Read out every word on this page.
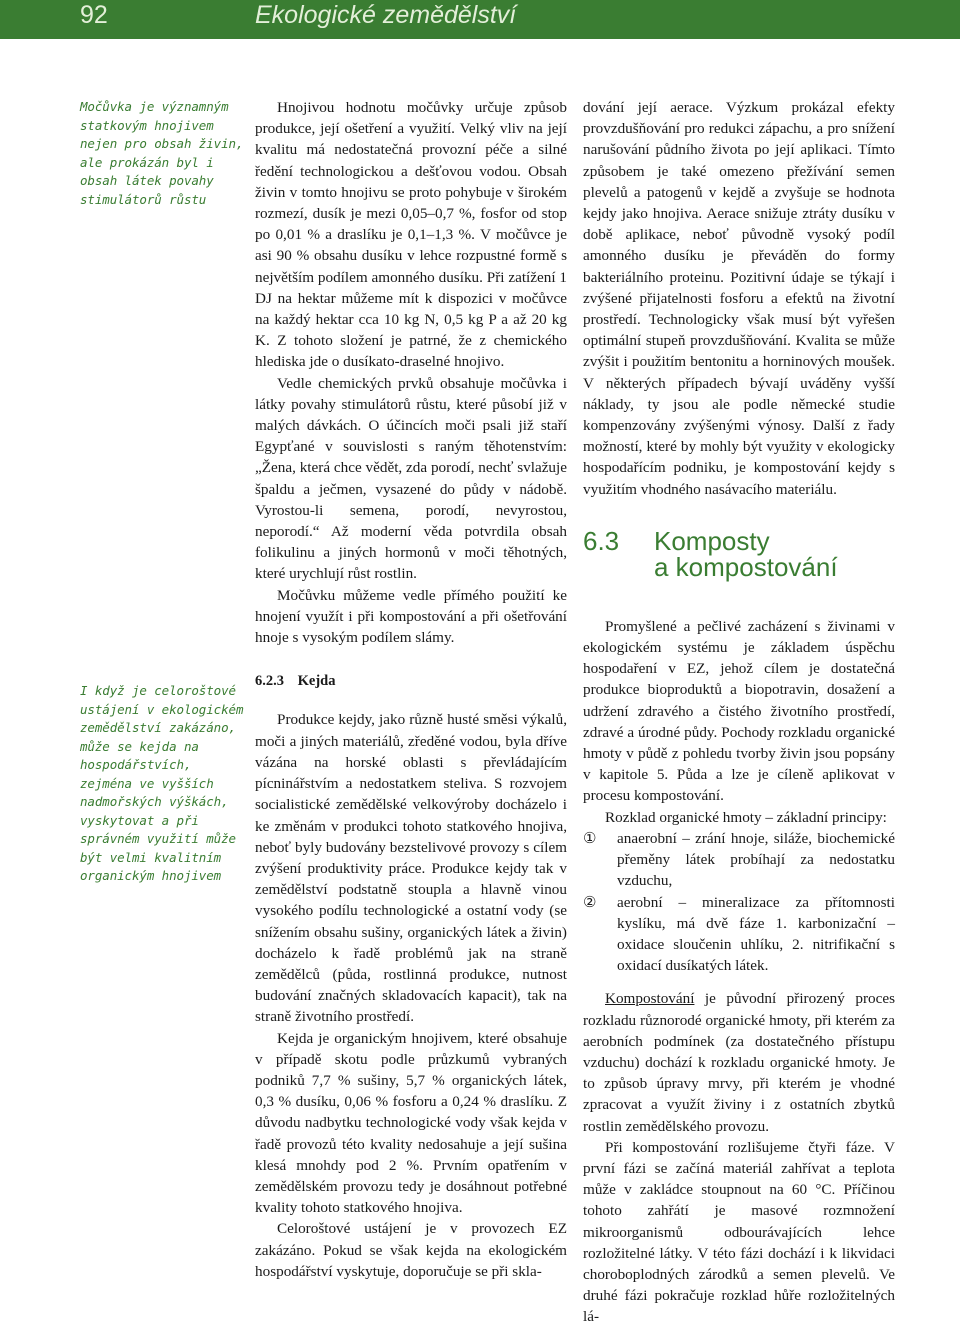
92	Ekologické zemědělství
Močůvka je významným statkovým hnojivem nejen pro obsah živin, ale prokázán byl i obsah látek povahy stimulátorů růstu
I když je celoroštové ustájení v ekologickém zemědělství zakázáno, může se kejda na hospodářstvích, zejména ve vyšších nadmořských výškách, vyskytovat a při správném využití může být velmi kvalitním organickým hnojivem

Hnojivou hodnotu močůvky určuje způsob produkce, její ošetření a využití. Velký vliv na její kvalitu má nedostatečná provozní péče a silné ředění technologickou a dešťovou vodou. Obsah živin v tomto hnojivu se proto pohybuje v širokém rozmezí, dusík je mezi 0,05–0,7 %, fosfor od stop po 0,01 % a draslíku je 0,1–1,3 %. V močůvce je asi 90 % obsahu dusíku v lehce rozpustné formě s největším podílem amonného dusíku. Při zatížení 1 DJ na hektar můžeme mít k dispozici v močůvce na každý hektar cca 10 kg N, 0,5 kg P a až 20 kg K. Z tohoto složení je patrné, že z chemického hlediska jde o dusíkato-draselné hnojivo.

Vedle chemických prvků obsahuje močůvka i látky povahy stimulátorů růstu, které působí již v malých dávkách. O účincích moči psali již staří Egypťané v souvislosti s raným těhotenstvím: „Žena, která chce vědět, zda porodí, nechť svlažuje špaldu a ječmen, vysazené do půdy v nádobě. Vyrostou-li semena, porodí, nevyrostou, neporodí.“ Až moderní věda potvrdila obsah folikulinu a jiných hormonů v moči těhotných, které urychlují růst rostlin.

Močůvku můžeme vedle přímého použití ke hnojení využít i při kompostování a při ošetřování hnoje s vysokým podílem slámy.

6.2.3 Kejda

Produkce kejdy, jako různě husté směsi výkalů, moči a jiných materiálů, zředěné vodou, byla dříve vázána na horské oblasti s převládajícím pícninářstvím a nedostatkem steliva. S rozvojem socialistické zemědělské velkovýroby docházelo i ke změnám v produkci tohoto statkového hnojiva, neboť byly budovány bezstelivové provozy s cílem zvýšení produktivity práce. Produkce kejdy tak v zemědělství podstatně stoupla a hlavně vinou vysokého podílu technologické a ostatní vody (se snížením obsahu sušiny, organických látek a živin) docházelo k řadě problémů jak na straně zemědělců (půda, rostlinná produkce, nutnost budování značných skladovacích kapacit), tak na straně životního prostředí.

Kejda je organickým hnojivem, které obsahuje v případě skotu podle průzkumů vybraných podniků 7,7 % sušiny, 5,7 % organických látek, 0,3 % dusíku, 0,06 % fosforu a 0,24 % draslíku. Z důvodu nadbytku technologické vody však kejda v řadě provozů této kvality nedosahuje a její sušina klesá mnohdy pod 2 %. Prvním opatřením v zemědělském provozu tedy je dosáhnout potřebné kvality tohoto statkového hnojiva.

Celoroštové ustájení je v provozech EZ zakázáno. Pokud se však kejda na ekologickém hospodářství vyskytuje, doporučuje se při skla-

dování její aerace. Výzkum prokázal efekty provzdušňování pro redukci zápachu, a pro snížení narušování půdního života po její aplikaci. Tímto způsobem je také omezeno přežívání semen plevelů a patogenů v kejdě a zvyšuje se hodnota kejdy jako hnojiva. Aerace snižuje ztráty dusíku v době aplikace, neboť původně vysoký podíl amonného dusíku je převáděn do formy bakteriálního proteinu. Pozitivní údaje se týkají i zvýšené přijatelnosti fosforu a efektů na životní prostředí. Technologicky však musí být vyřešen optimální stupeň provzdušňování. Kvalita se může zvýšit i použitím bentonitu a horninových moušek. V některých případech bývají uváděny vyšší náklady, ty jsou ale podle německé studie kompenzovány zvýšenými výnosy. Další z řady možností, které by mohly být využity v ekologicky hospodařícím podniku, je kompostování kejdy s využitím vhodného nasávacího materiálu.

6.3 Komposty
a kompostování

Promyšlené a pečlivé zacházení s živinami v ekologickém systému je základem úspěchu hospodaření v EZ, jehož cílem je dostatečná produkce bioproduktů a biopotravin, dosažení a udržení zdravého a čistého životního prostředí, zdravé a úrodné půdy. Pochody rozkladu organické hmoty v půdě z pohledu tvorby živin jsou popsány v kapitole 5. Půda a lze je cíleně aplikovat v procesu kompostování.

Rozklad organické hmoty – základní principy:

① anaerobní – zrání hnoje, siláže, biochemické přeměny látek probíhají za nedostatku vzduchu,
② aerobní – mineralizace za přítomnosti kyslíku, má dvě fáze 1. karbonizační – oxidace sloučenin uhlíku, 2. nitrifikační s oxidací dusíkatých látek.

Kompostování je původní přirozený proces rozkladu různorodé organické hmoty, při kterém za aerobních podmínek (za dostatečného přístupu vzduchu) dochází k rozkladu organické hmoty. Je to způsob úpravy mrvy, při kterém je vhodné zpracovat a využít živiny i z ostatních zbytků rostlin zemědělského provozu.

Při kompostování rozlišujeme čtyři fáze. V první fázi se začíná materiál zahřívat a teplota může v zakládce stoupnout na 60 °C. Příčinou tohoto zahřátí je masové rozmnožení mikroorganismů odbourávajících lehce rozložitelné látky. V této fázi dochází i k likvidaci choroboplodných zárodků a semen plevelů. Ve druhé fázi pokračuje rozklad hůře rozložitelných lá-
